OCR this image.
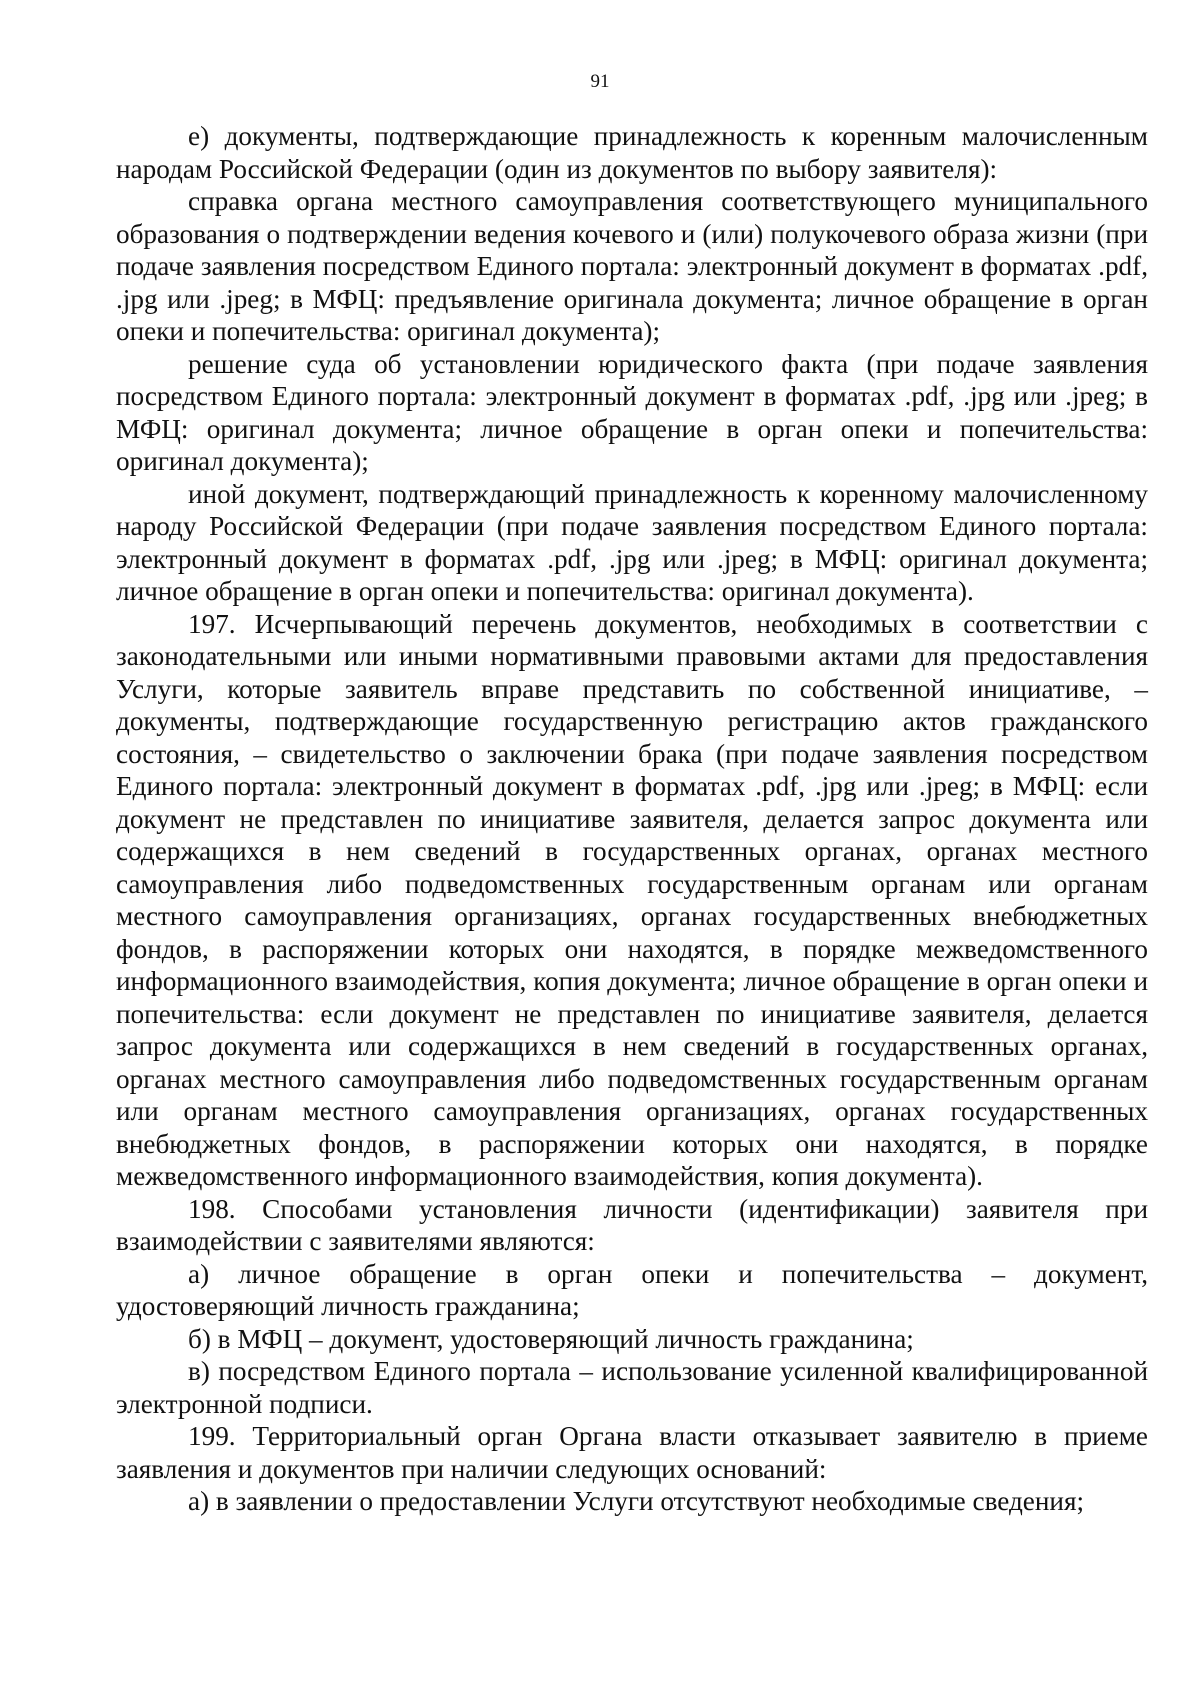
91

е) документы, подтверждающие принадлежность к коренным малочисленным народам Российской Федерации (один из документов по выбору заявителя):

справка органа местного самоуправления соответствующего муниципального образования о подтверждении ведения кочевого и (или) полукочевого образа жизни (при подаче заявления посредством Единого портала: электронный документ в форматах .pdf, .jpg или .jpeg; в МФЦ: предъявление оригинала документа; личное обращение в орган опеки и попечительства: оригинал документа);

решение суда об установлении юридического факта (при подаче заявления посредством Единого портала: электронный документ в форматах .pdf, .jpg или .jpeg; в МФЦ: оригинал документа; личное обращение в орган опеки и попечительства: оригинал документа);

иной документ, подтверждающий принадлежность к коренному малочисленному народу Российской Федерации (при подаче заявления посредством Единого портала: электронный документ в форматах .pdf, .jpg или .jpeg; в МФЦ: оригинал документа; личное обращение в орган опеки и попечительства: оригинал документа).

197. Исчерпывающий перечень документов, необходимых в соответствии с законодательными или иными нормативными правовыми актами для предоставления Услуги, которые заявитель вправе представить по собственной инициативе, – документы, подтверждающие государственную регистрацию актов гражданского состояния, – свидетельство о заключении брака (при подаче заявления посредством Единого портала: электронный документ в форматах .pdf, .jpg или .jpeg; в МФЦ: если документ не представлен по инициативе заявителя, делается запрос документа или содержащихся в нем сведений в государственных органах, органах местного самоуправления либо подведомственных государственным органам или органам местного самоуправления организациях, органах государственных внебюджетных фондов, в распоряжении которых они находятся, в порядке межведомственного информационного взаимодействия, копия документа; личное обращение в орган опеки и попечительства: если документ не представлен по инициативе заявителя, делается запрос документа или содержащихся в нем сведений в государственных органах, органах местного самоуправления либо подведомственных государственным органам или органам местного самоуправления организациях, органах государственных внебюджетных фондов, в распоряжении которых они находятся, в порядке межведомственного информационного взаимодействия, копия документа).

198. Способами установления личности (идентификации) заявителя при взаимодействии с заявителями являются:

а) личное обращение в орган опеки и попечительства – документ, удостоверяющий личность гражданина;

б) в МФЦ – документ, удостоверяющий личность гражданина;

в) посредством Единого портала – использование усиленной квалифицированной электронной подписи.

199. Территориальный орган Органа власти отказывает заявителю в приеме заявления и документов при наличии следующих оснований:

а) в заявлении о предоставлении Услуги отсутствуют необходимые сведения;
